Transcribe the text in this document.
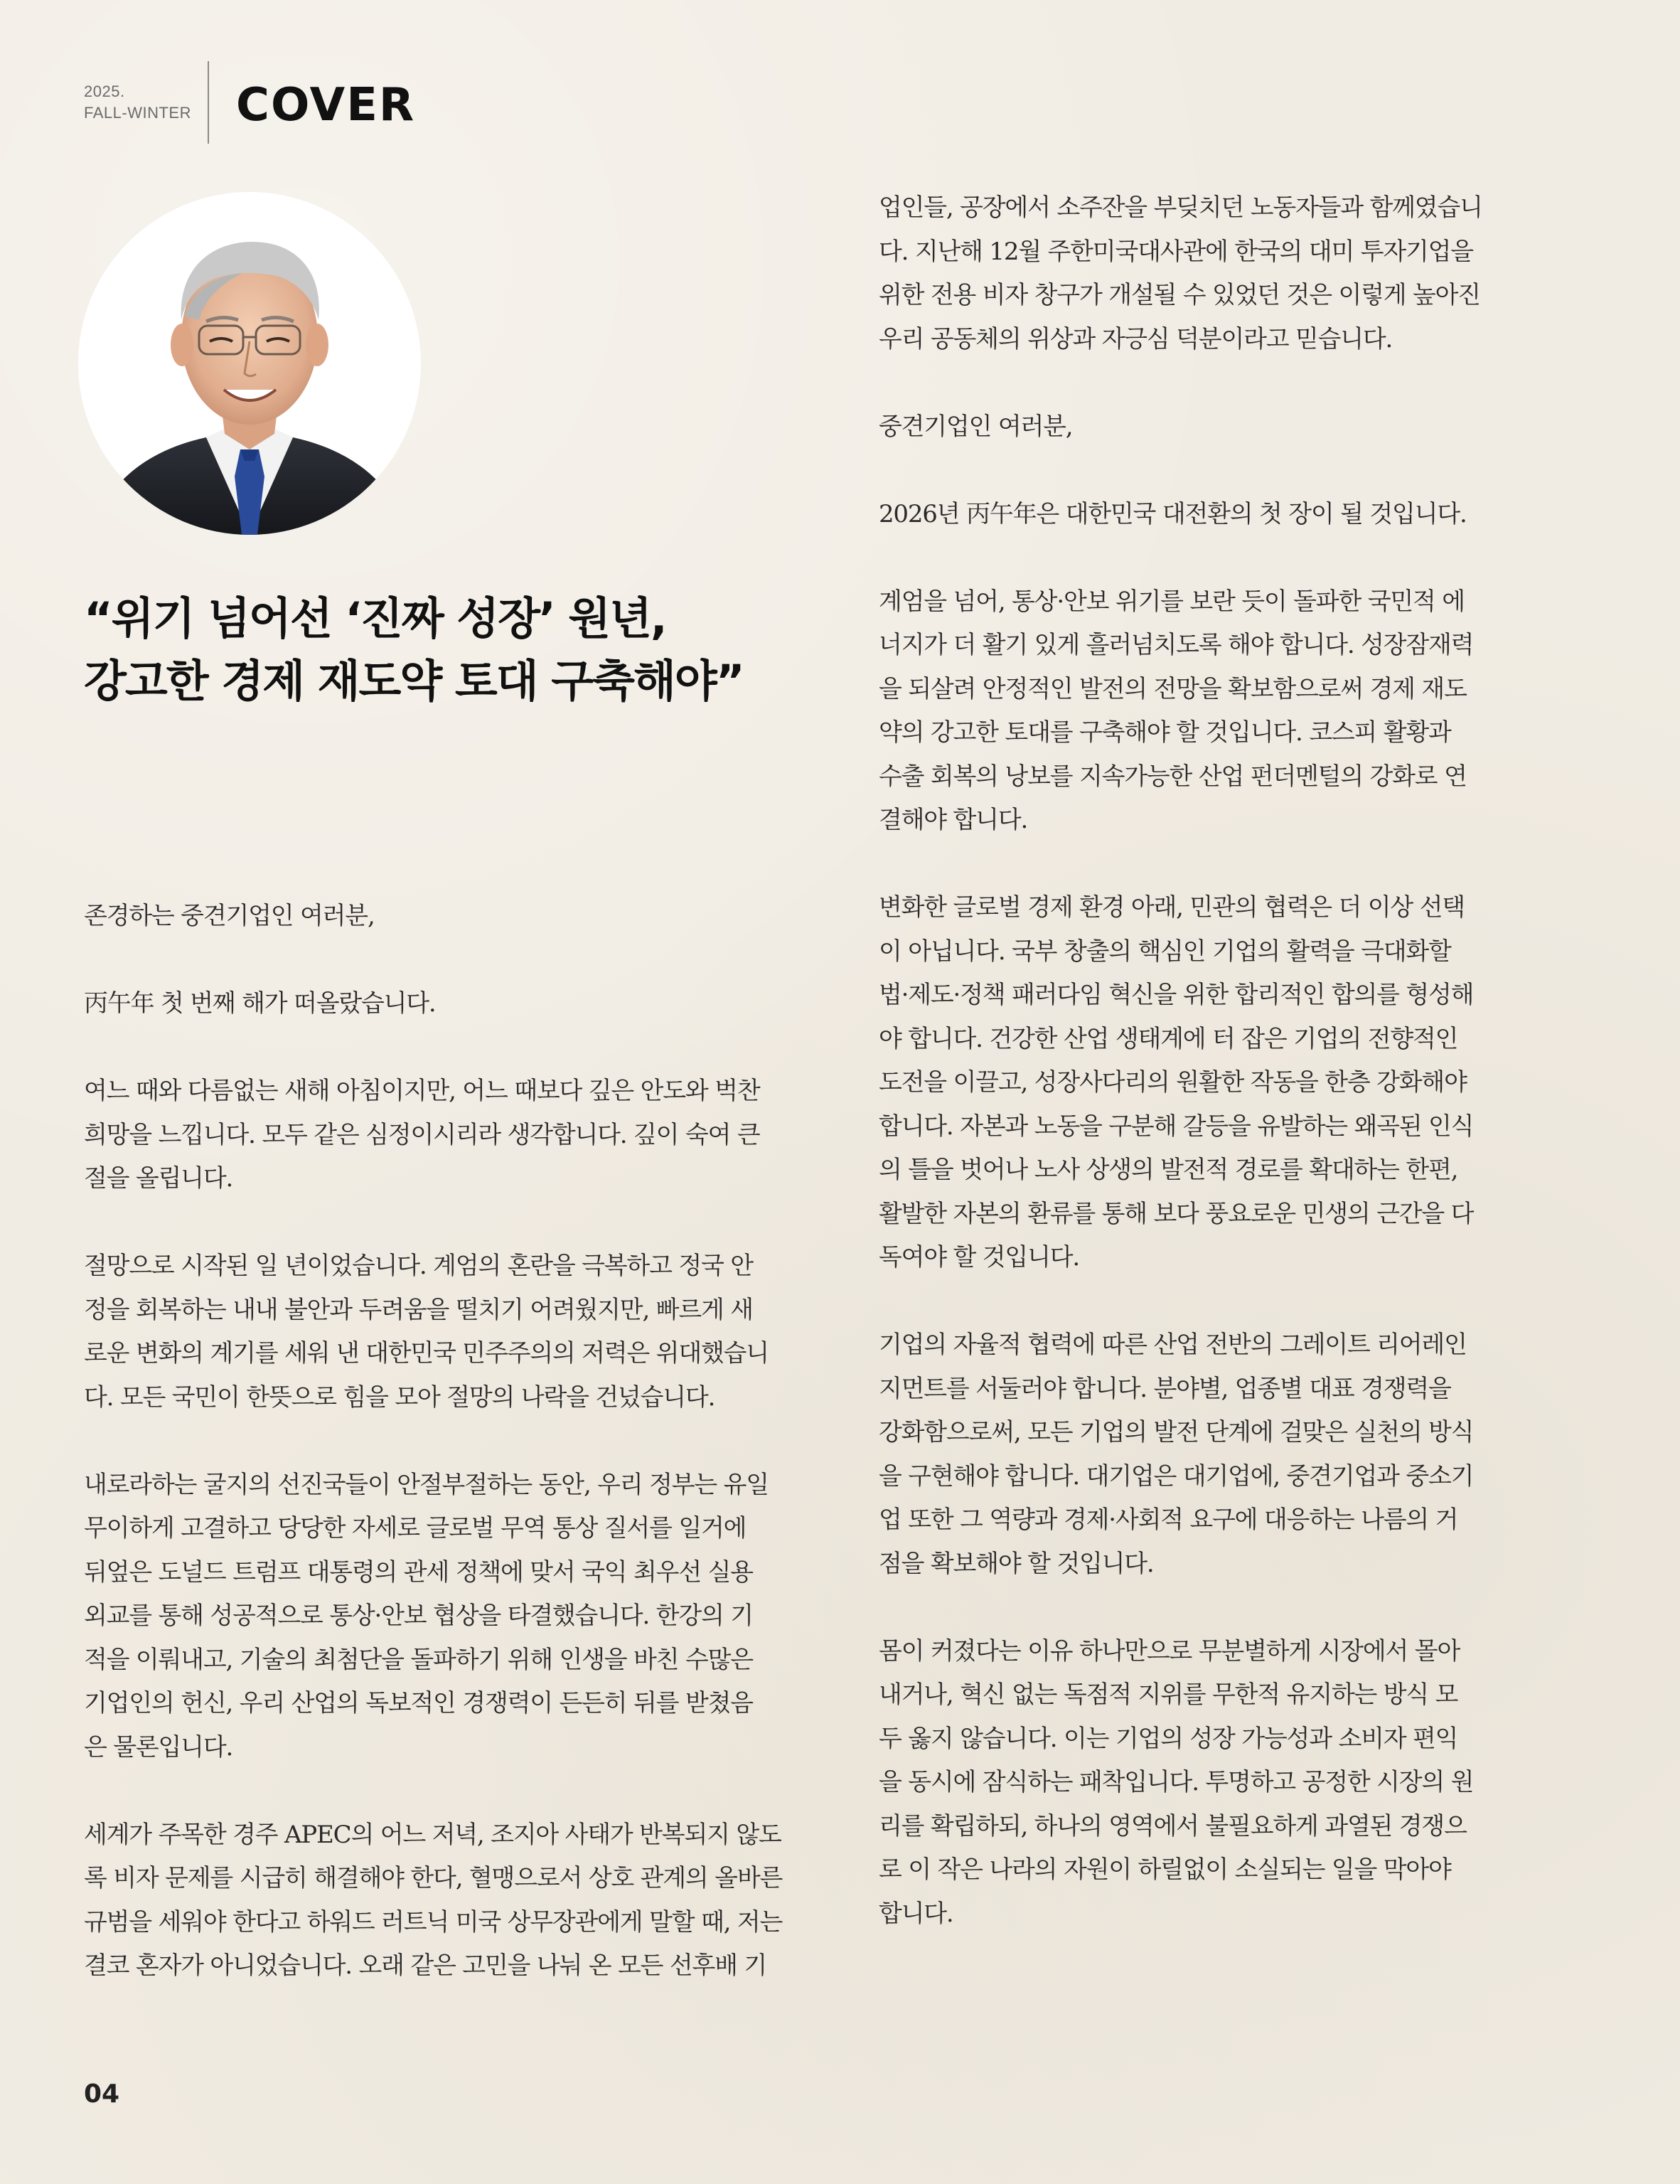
2025.
FALL-WINTER COVER
“위기 넘어선 ‘진짜 성장’ 원년,
강고한 경제 재도약 토대 구축해야”

존경하는 중견기업인 여러분,

丙午年 첫 번째 해가 떠올랐습니다.

여느 때와 다름없는 새해 아침이지만, 어느 때보다 깊은 안도와 벅찬
희망을 느낍니다. 모두 같은 심정이시리라 생각합니다. 깊이 숙여 큰
절을 올립니다.

절망으로 시작된 일 년이었습니다. 계엄의 혼란을 극복하고 정국 안
정을 회복하는 내내 불안과 두려움을 떨치기 어려웠지만, 빠르게 새
로운 변화의 계기를 세워 낸 대한민국 민주주의의 저력은 위대했습니
다. 모든 국민이 한뜻으로 힘을 모아 절망의 나락을 건넜습니다.

내로라하는 굴지의 선진국들이 안절부절하는 동안, 우리 정부는 유일
무이하게 고결하고 당당한 자세로 글로벌 무역 통상 질서를 일거에
뒤엎은 도널드 트럼프 대통령의 관세 정책에 맞서 국익 최우선 실용
외교를 통해 성공적으로 통상·안보 협상을 타결했습니다. 한강의 기
적을 이뤄내고, 기술의 최첨단을 돌파하기 위해 인생을 바친 수많은
기업인의 헌신, 우리 산업의 독보적인 경쟁력이 든든히 뒤를 받쳤음
은 물론입니다.

세계가 주목한 경주 APEC의 어느 저녁, 조지아 사태가 반복되지 않도
록 비자 문제를 시급히 해결해야 한다, 혈맹으로서 상호 관계의 올바른
규범을 세워야 한다고 하워드 러트닉 미국 상무장관에게 말할 때, 저는
결코 혼자가 아니었습니다. 오래 같은 고민을 나눠 온 모든 선후배 기

업인들, 공장에서 소주잔을 부딪치던 노동자들과 함께였습니
다. 지난해 12월 주한미국대사관에 한국의 대미 투자기업을
위한 전용 비자 창구가 개설될 수 있었던 것은 이렇게 높아진
우리 공동체의 위상과 자긍심 덕분이라고 믿습니다.

중견기업인 여러분,

2026년 丙午年은 대한민국 대전환의 첫 장이 될 것입니다.

계엄을 넘어, 통상·안보 위기를 보란 듯이 돌파한 국민적 에
너지가 더 활기 있게 흘러넘치도록 해야 합니다. 성장잠재력
을 되살려 안정적인 발전의 전망을 확보함으로써 경제 재도
약의 강고한 토대를 구축해야 할 것입니다. 코스피 활황과
수출 회복의 낭보를 지속가능한 산업 펀더멘털의 강화로 연
결해야 합니다.

변화한 글로벌 경제 환경 아래, 민관의 협력은 더 이상 선택
이 아닙니다. 국부 창출의 핵심인 기업의 활력을 극대화할
법·제도·정책 패러다임 혁신을 위한 합리적인 합의를 형성해
야 합니다. 건강한 산업 생태계에 터 잡은 기업의 전향적인
도전을 이끌고, 성장사다리의 원활한 작동을 한층 강화해야
합니다. 자본과 노동을 구분해 갈등을 유발하는 왜곡된 인식
의 틀을 벗어나 노사 상생의 발전적 경로를 확대하는 한편,
활발한 자본의 환류를 통해 보다 풍요로운 민생의 근간을 다
독여야 할 것입니다.

기업의 자율적 협력에 따른 산업 전반의 그레이트 리어레인
지먼트를 서둘러야 합니다. 분야별, 업종별 대표 경쟁력을
강화함으로써, 모든 기업의 발전 단계에 걸맞은 실천의 방식
을 구현해야 합니다. 대기업은 대기업에, 중견기업과 중소기
업 또한 그 역량과 경제·사회적 요구에 대응하는 나름의 거
점을 확보해야 할 것입니다.

몸이 커졌다는 이유 하나만으로 무분별하게 시장에서 몰아
내거나, 혁신 없는 독점적 지위를 무한적 유지하는 방식 모
두 옳지 않습니다. 이는 기업의 성장 가능성과 소비자 편익
을 동시에 잠식하는 패착입니다. 투명하고 공정한 시장의 원
리를 확립하되, 하나의 영역에서 불필요하게 과열된 경쟁으
로 이 작은 나라의 자원이 하릴없이 소실되는 일을 막아야
합니다.

04
